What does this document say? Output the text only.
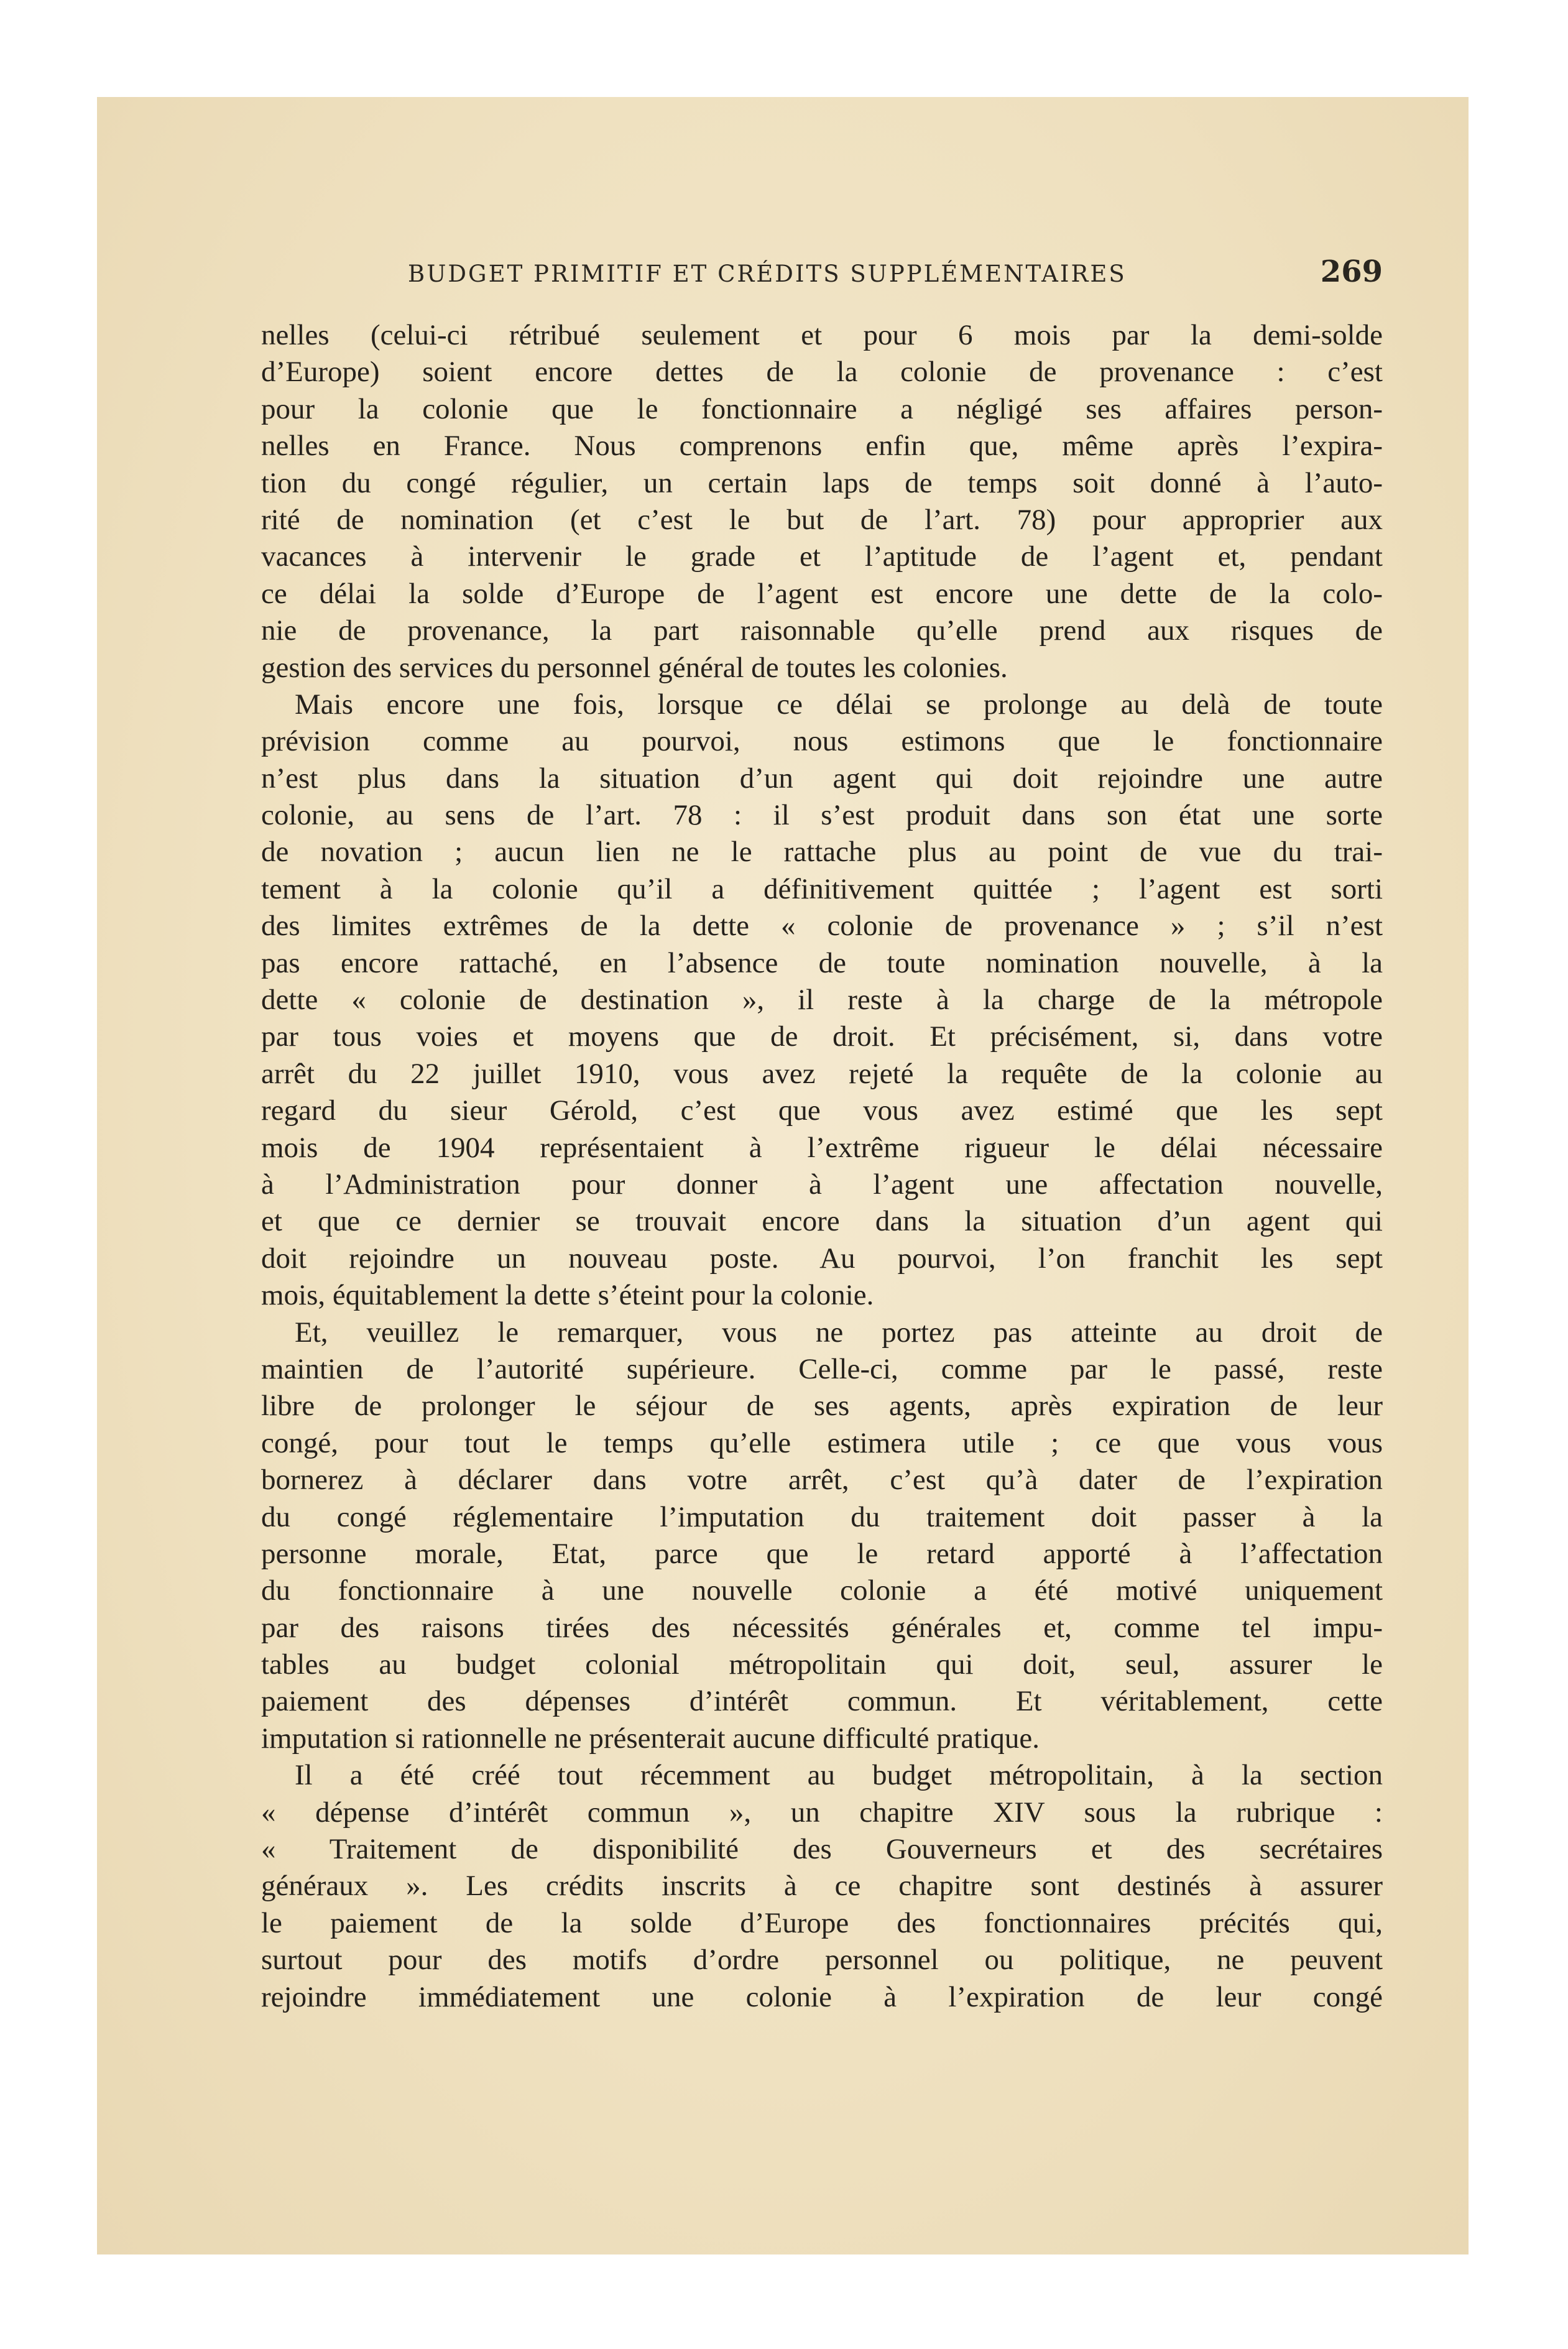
BUDGET PRIMITIF ET CRÉDITS SUPPLÉMENTAIRES	269
nelles (celui-ci rétribué seulement et pour 6 mois par la demi-solde
d’Europe) soient encore dettes de la colonie de provenance : c’est
pour la colonie que le fonctionnaire a négligé ses affaires person-
nelles en France. Nous comprenons enfin que, même après l’expira-
tion du congé régulier, un certain laps de temps soit donné à l’auto-
rité de nomination (et c’est le but de l’art. 78) pour approprier aux
vacances à intervenir le grade et l’aptitude de l’agent et, pendant
ce délai la solde d’Europe de l’agent est encore une dette de la colo-
nie de provenance, la part raisonnable qu’elle prend aux risques de
gestion des services du personnel général de toutes les colonies.
Mais encore une fois, lorsque ce délai se prolonge au delà de toute
prévision comme au pourvoi, nous estimons que le fonctionnaire
n’est plus dans la situation d’un agent qui doit rejoindre une autre
colonie, au sens de l’art. 78 : il s’est produit dans son état une sorte
de novation ; aucun lien ne le rattache plus au point de vue du trai-
tement à la colonie qu’il a définitivement quittée ; l’agent est sorti
des limites extrêmes de la dette « colonie de provenance » ; s’il n’est
pas encore rattaché, en l’absence de toute nomination nouvelle, à la
dette « colonie de destination », il reste à la charge de la métropole
par tous voies et moyens que de droit. Et précisément, si, dans votre
arrêt du 22 juillet 1910, vous avez rejeté la requête de la colonie au
regard du sieur Gérold, c’est que vous avez estimé que les sept
mois de 1904 représentaient à l’extrême rigueur le délai nécessaire
à l’Administration pour donner à l’agent une affectation nouvelle,
et que ce dernier se trouvait encore dans la situation d’un agent qui
doit rejoindre un nouveau poste. Au pourvoi, l’on franchit les sept
mois, équitablement la dette s’éteint pour la colonie.
Et, veuillez le remarquer, vous ne portez pas atteinte au droit de
maintien de l’autorité supérieure. Celle-ci, comme par le passé, reste
libre de prolonger le séjour de ses agents, après expiration de leur
congé, pour tout le temps qu’elle estimera utile ; ce que vous vous
bornerez à déclarer dans votre arrêt, c’est qu’à dater de l’expiration
du congé réglementaire l’imputation du traitement doit passer à la
personne morale, Etat, parce que le retard apporté à l’affectation
du fonctionnaire à une nouvelle colonie a été motivé uniquement
par des raisons tirées des nécessités générales et, comme tel impu-
tables au budget colonial métropolitain qui doit, seul, assurer le
paiement des dépenses d’intérêt commun. Et véritablement, cette
imputation si rationnelle ne présenterait aucune difficulté pratique.
Il a été créé tout récemment au budget métropolitain, à la section
« dépense d’intérêt commun », un chapitre XIV sous la rubrique :
« Traitement de disponibilité des Gouverneurs et des secrétaires
généraux ». Les crédits inscrits à ce chapitre sont destinés à assurer
le paiement de la solde d’Europe des fonctionnaires précités qui,
surtout pour des motifs d’ordre personnel ou politique, ne peuvent
rejoindre immédiatement une colonie à l’expiration de leur congé
